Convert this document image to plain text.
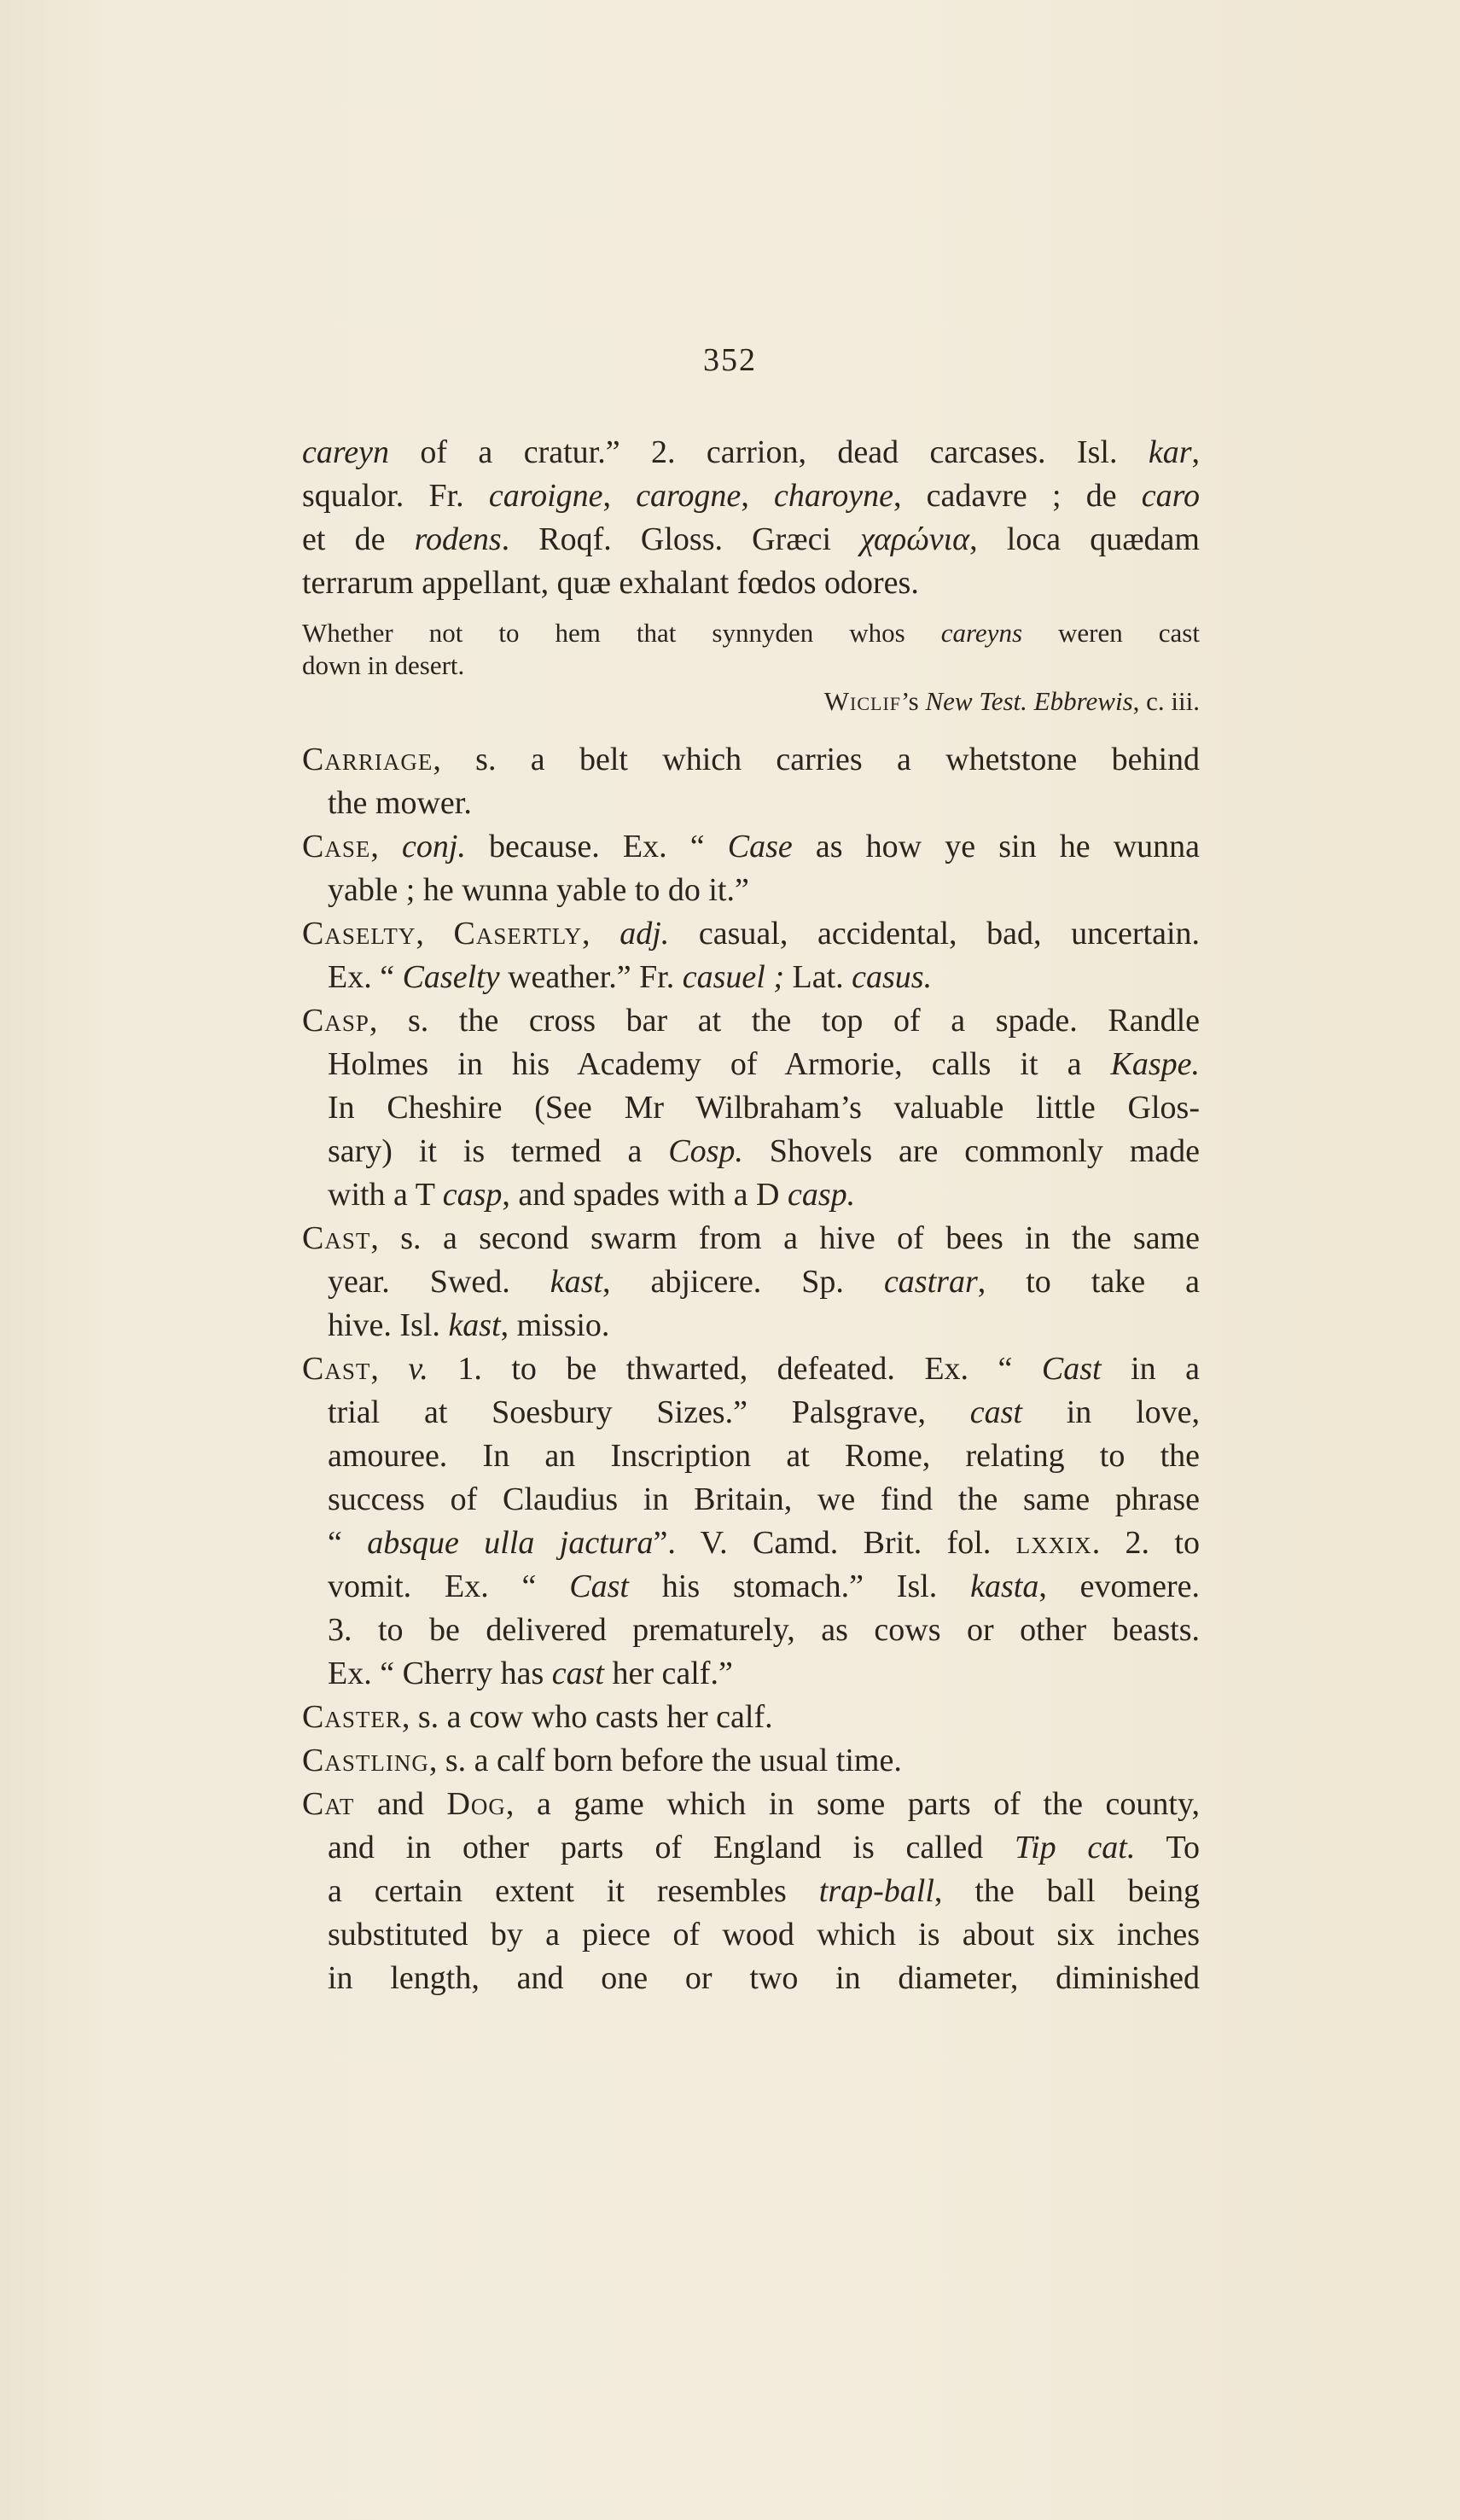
352
careyn of a cratur.” 2. carrion, dead carcases. Isl. kar,
squalor. Fr. caroigne, carogne, charoyne, cadavre ; de caro
et de rodens. Roqf. Gloss. Græci χαρώνια, loca quædam
terrarum appellant, quæ exhalant fœdos odores.
Whether not to hem that synnyden whos careyns weren cast
down in desert.
Wiclif’s New Test. Ebbrewis, c. iii.
Carriage, s. a belt which carries a whetstone behind
the mower.
Case, conj. because. Ex. “ Case as how ye sin he wunna
yable ; he wunna yable to do it.”
Caselty, Casertly, adj. casual, accidental, bad, uncertain.
Ex. “ Caselty weather.” Fr. casuel ; Lat. casus.
Casp, s. the cross bar at the top of a spade. Randle
Holmes in his Academy of Armorie, calls it a Kaspe.
In Cheshire (See Mr Wilbraham’s valuable little Glos-
sary) it is termed a Cosp. Shovels are commonly made
with a T casp, and spades with a D casp.
Cast, s. a second swarm from a hive of bees in the same
year. Swed. kast, abjicere. Sp. castrar, to take a
hive. Isl. kast, missio.
Cast, v. 1. to be thwarted, defeated. Ex. “ Cast in a
trial at Soesbury Sizes.” Palsgrave, cast in love,
amouree. In an Inscription at Rome, relating to the
success of Claudius in Britain, we find the same phrase
“ absque ulla jactura”. V. Camd. Brit. fol. lxxix. 2. to
vomit. Ex. “ Cast his stomach.” Isl. kasta, evomere.
3. to be delivered prematurely, as cows or other beasts.
Ex. “ Cherry has cast her calf.”
Caster, s. a cow who casts her calf.
Castling, s. a calf born before the usual time.
Cat and Dog, a game which in some parts of the county,
and in other parts of England is called Tip cat. To
a certain extent it resembles trap-ball, the ball being
substituted by a piece of wood which is about six inches
in length, and one or two in diameter, diminished
